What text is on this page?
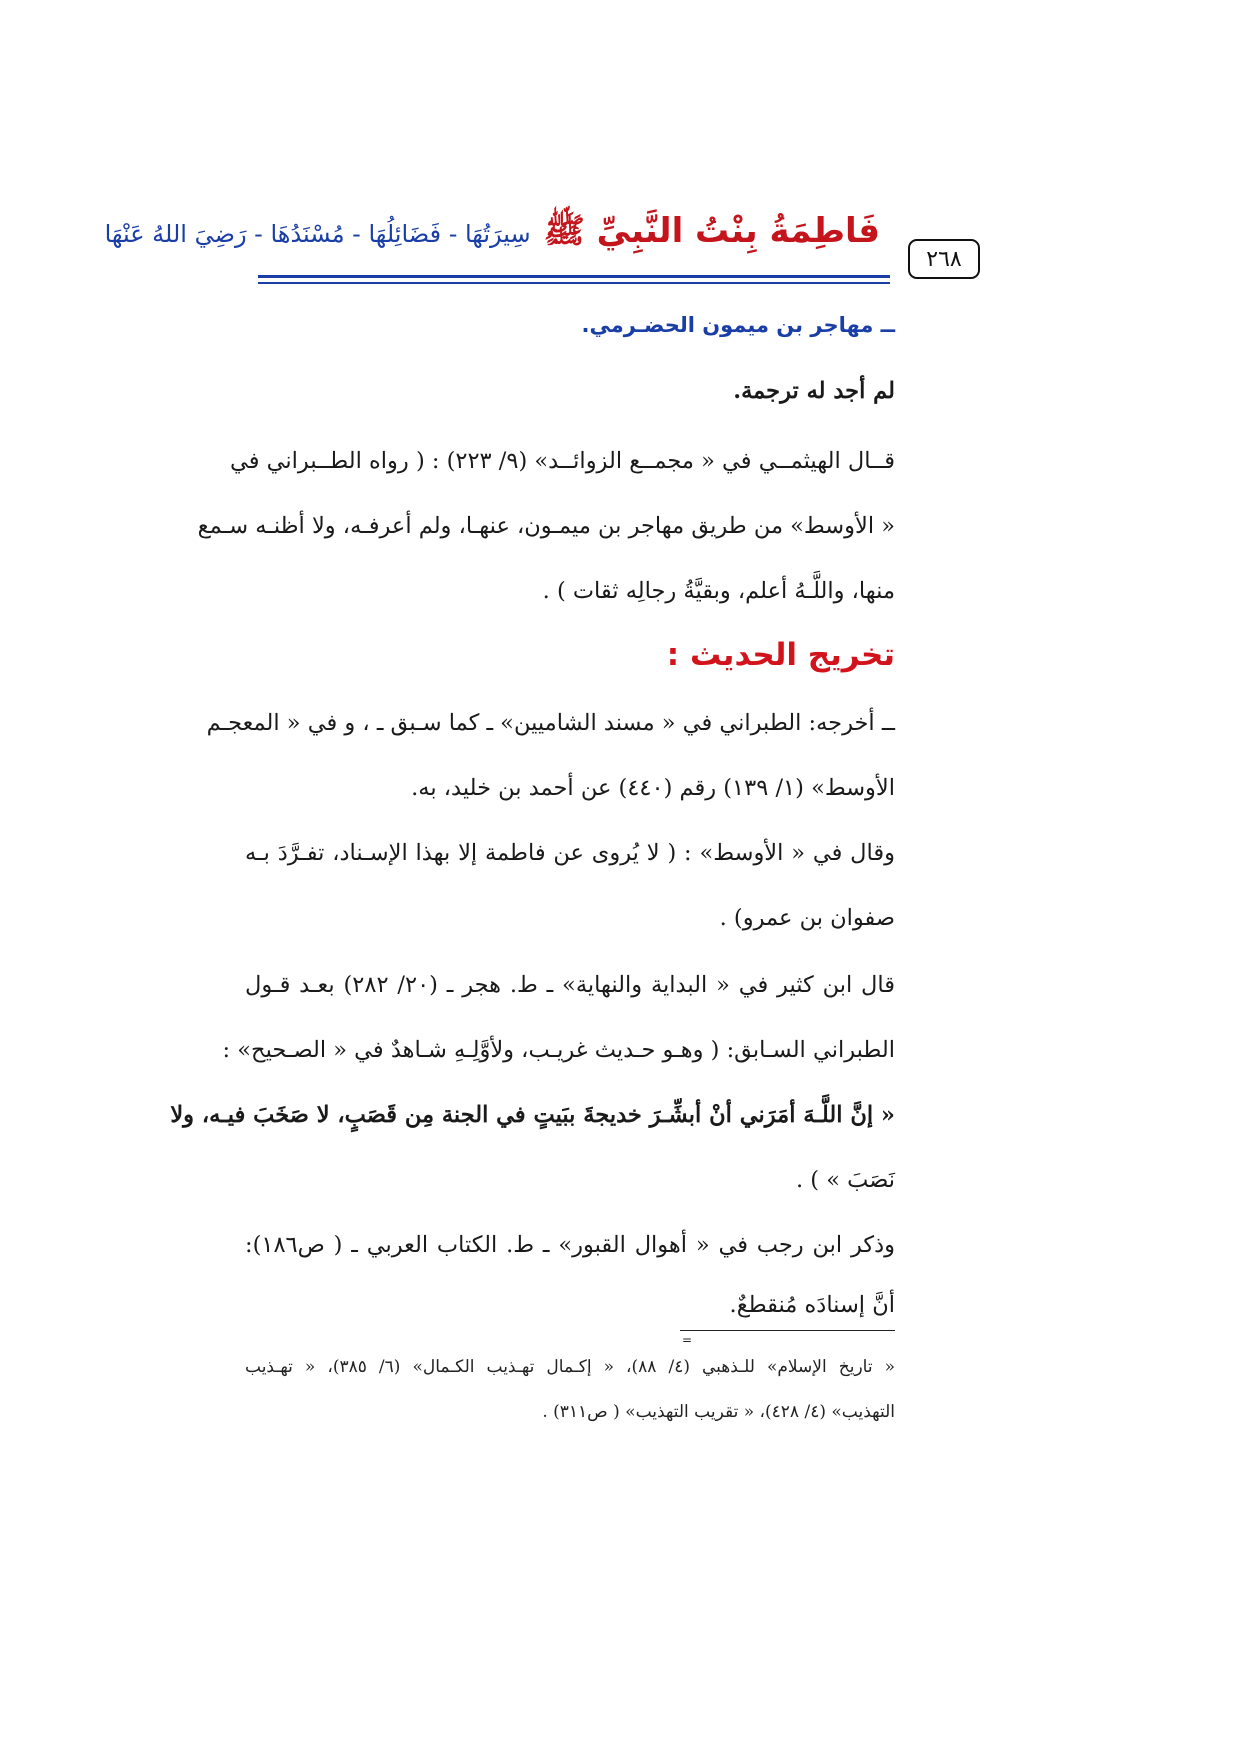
فَاطِمَةُ بِنْتُ النَّبِيِّ ﷺ سِيرَتُهَا - فَضَائِلُهَا - مُسْنَدُهَا - رَضِيَ اللهُ عَنْهَا
٢٦٨
ــ مهاجر بن ميمون الحضـرمي.
لم أجد له ترجمة.
قــال الهيثمــي في « مجمــع الزوائــد» (٩/ ٢٢٣) : ( رواه الطــبراني في
« الأوسط» من طريق مهاجر بن ميمـون، عنهـا، ولم أعرفـه، ولا أظنـه سـمع
منها، واللَّـهُ أعلم، وبقيَّةُ رجالِه ثقات ) .
تخريج الحديث :
ــ أخرجه: الطبراني في « مسند الشاميين» ـ كما سـبق ـ ، و في « المعجـم
الأوسط» (١/ ١٣٩) رقم (٤٤٠) عن أحمد بن خليد، به.
وقال في « الأوسط» : ( لا يُروى عن فاطمة إلا بهذا الإسـناد، تفـرَّدَ بـه
صفوان بن عمرو) .
قال ابن كثير في « البداية والنهاية» ـ ط. هجر ـ (٢٠/ ٢٨٢) بعـد قـول
الطبراني السـابق: ( وهـو حـديث غريـب، ولأوَّلِـهِ شـاهدٌ في « الصـحيح» :
« إنَّ اللَّـهَ أمَرَني أنْ أبشِّـرَ خديجةَ ببَيتٍ في الجنة مِن قَصَبٍ، لا صَخَبَ فيـه، ولا
نَصَبَ » ) .
وذكر ابن رجب في « أهوال القبور» ـ ط. الكتاب العربي ـ ( ص١٨٦):
أنَّ إسنادَه مُنقطعٌ.
=
« تاريخ الإسلام» للـذهبي (٤/ ٨٨)، « إكـمال تهـذيب الكـمال» (٦/ ٣٨٥)، « تهـذيب
التهذيب» (٤/ ٤٢٨)، « تقريب التهذيب» ( ص٣١١) .
